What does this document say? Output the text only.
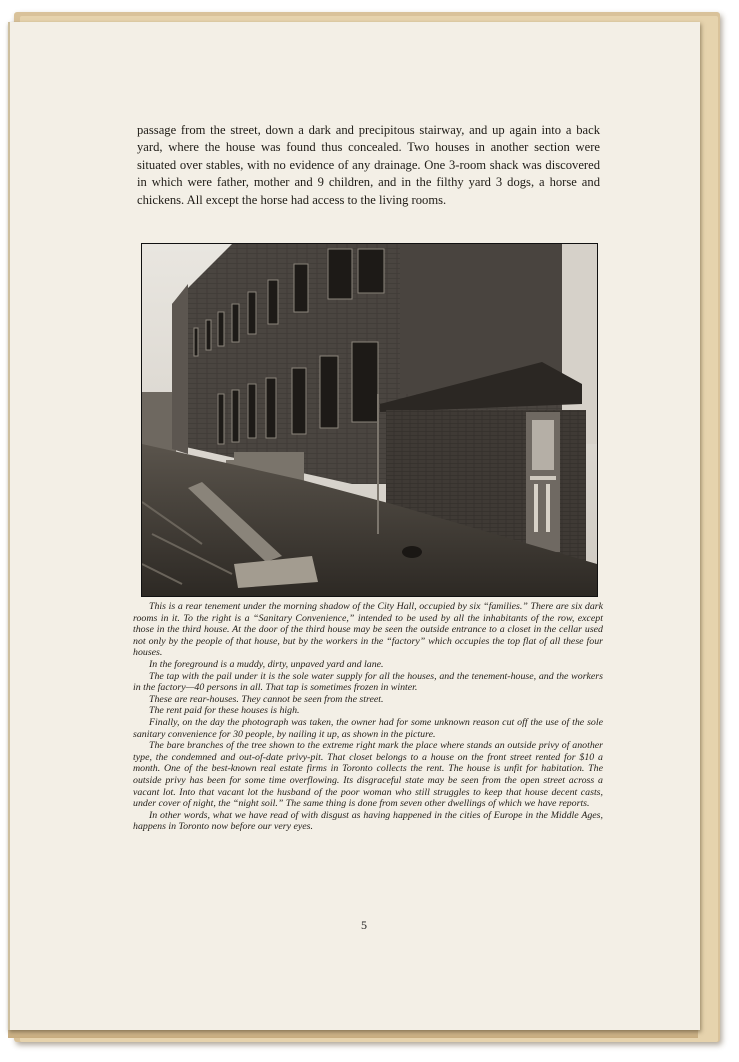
passage from the street, down a dark and precipitous stairway, and up again into a back yard, where the house was found thus concealed. Two houses in another section were situated over stables, with no evidence of any drainage. One 3-room shack was discovered in which were father, mother and 9 children, and in the filthy yard 3 dogs, a horse and chickens. All except the horse had access to the living rooms.

This is a rear tenement under the morning shadow of the City Hall, occupied by six “families.” There are six dark rooms in it. To the right is a “Sanitary Convenience,” intended to be used by all the inhabitants of the row, except those in the third house. At the door of the third house may be seen the outside entrance to a closet in the cellar used not only by the people of that house, but by the workers in the “factory” which occupies the top flat of all these four houses.

In the foreground is a muddy, dirty, unpaved yard and lane.

The tap with the pail under it is the sole water supply for all the houses, and the tenement-house, and the workers in the factory—40 persons in all. That tap is sometimes frozen in winter.

These are rear-houses. They cannot be seen from the street.

The rent paid for these houses is high.

Finally, on the day the photograph was taken, the owner had for some unknown reason cut off the use of the sole sanitary convenience for 30 people, by nailing it up, as shown in the picture.

The bare branches of the tree shown to the extreme right mark the place where stands an outside privy of another type, the condemned and out-of-date privy-pit. That closet belongs to a house on the front street rented for $10 a month. One of the best-known real estate firms in Toronto collects the rent. The house is unfit for habitation. The outside privy has been for some time overflowing. Its disgraceful state may be seen from the open street across a vacant lot. Into that vacant lot the husband of the poor woman who still struggles to keep that house decent casts, under cover of night, the “night soil.” The same thing is done from seven other dwellings of which we have reports.

In other words, what we have read of with disgust as having happened in the cities of Europe in the Middle Ages, happens in Toronto now before our very eyes.

5
